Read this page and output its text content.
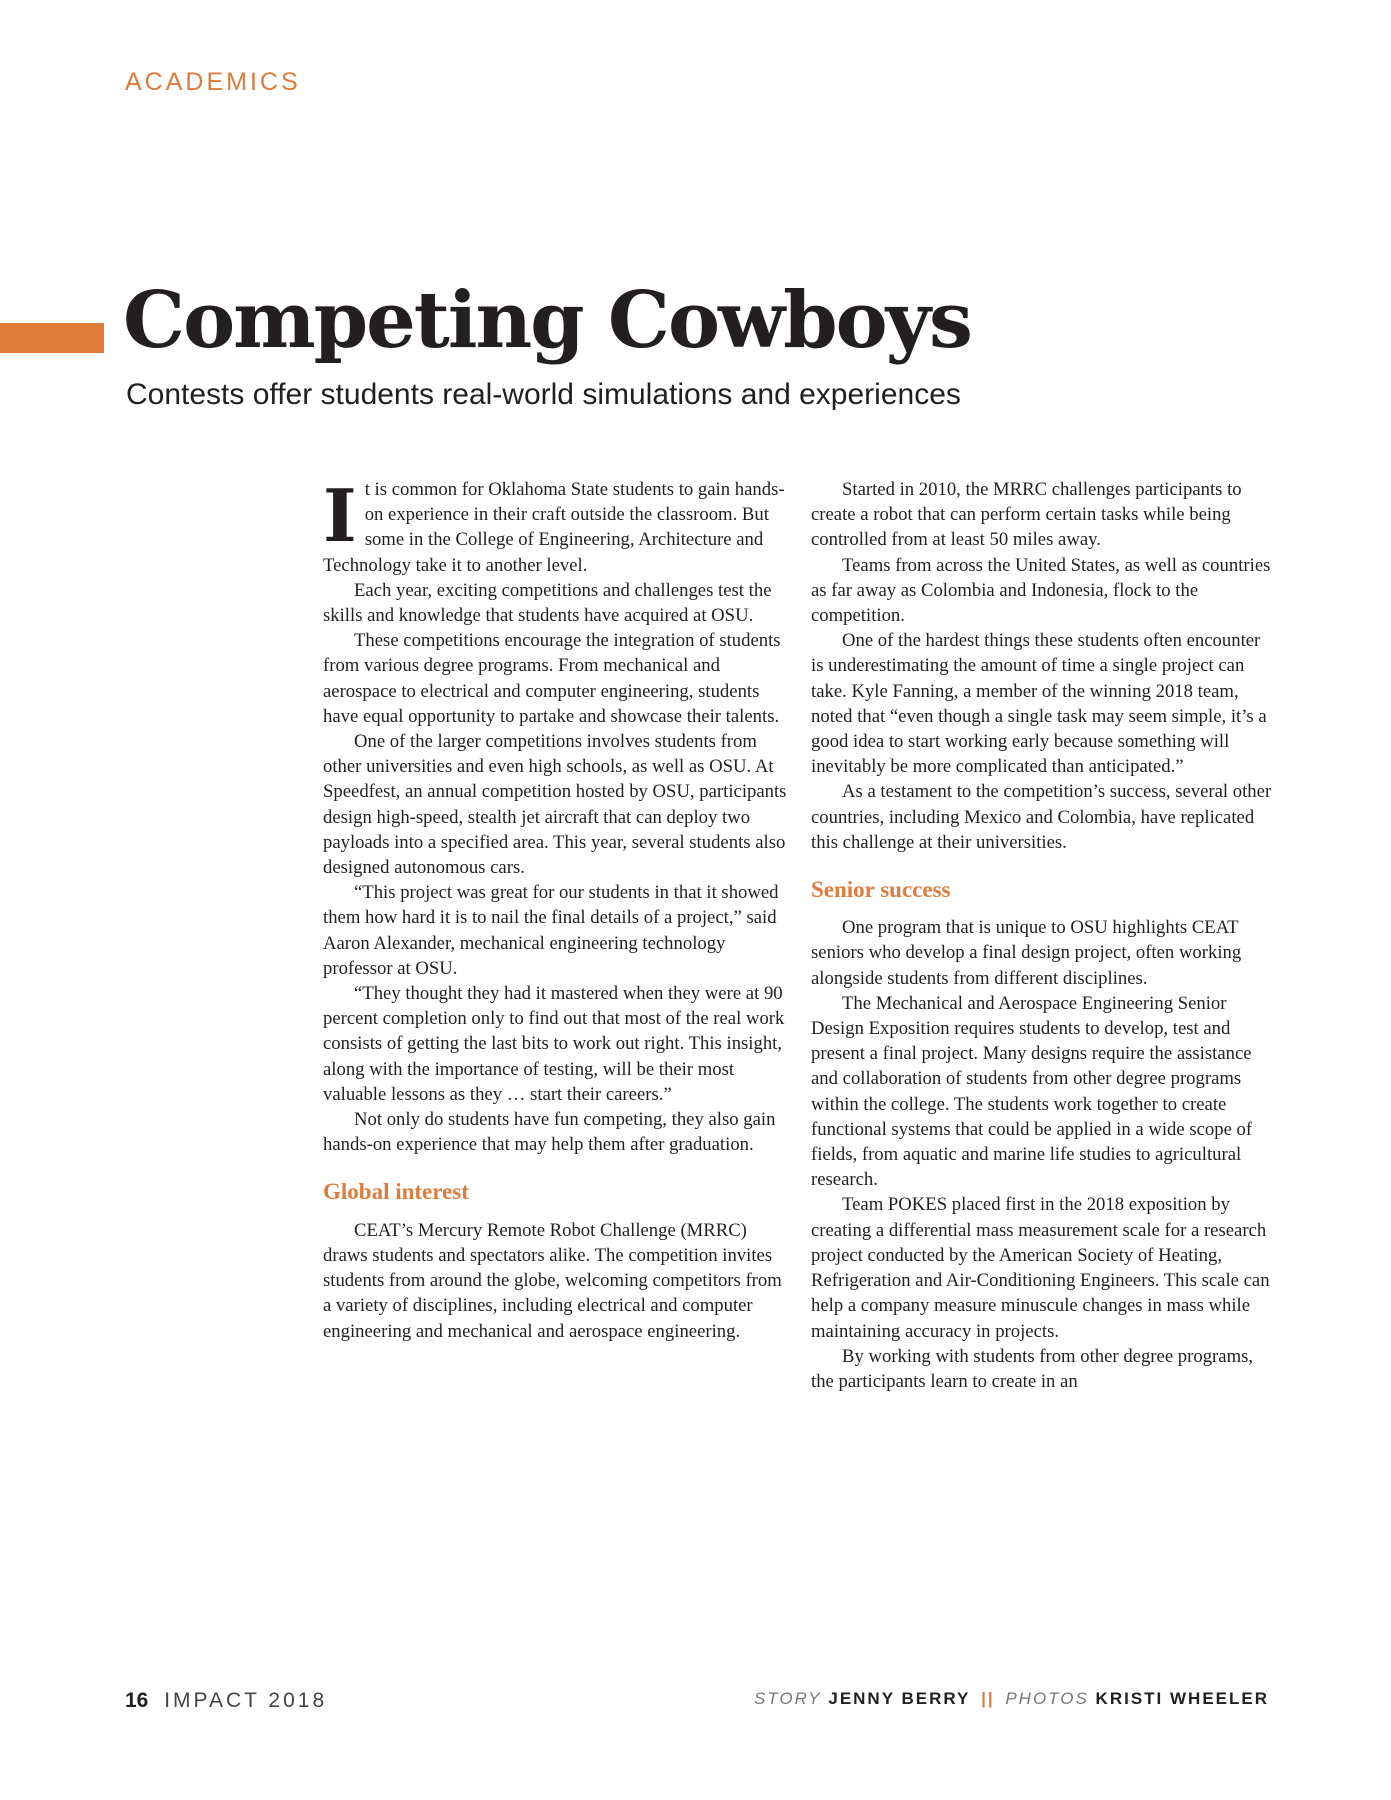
ACADEMICS
Competing Cowboys

Contests offer students real-world simulations and experiences

It is common for Oklahoma State students to gain hands-on experience in their craft outside the classroom. But some in the College of Engineering, Architecture and Technology take it to another level.

Each year, exciting competitions and challenges test the skills and knowledge that students have acquired at OSU.

These competitions encourage the integration of students from various degree programs. From mechanical and aerospace to electrical and computer engineering, students have equal opportunity to partake and showcase their talents.

One of the larger competitions involves students from other universities and even high schools, as well as OSU. At Speedfest, an annual competition hosted by OSU, participants design high-speed, stealth jet aircraft that can deploy two payloads into a specified area. This year, several students also designed autonomous cars.

“This project was great for our students in that it showed them how hard it is to nail the final details of a project,” said Aaron Alexander, mechanical engineering technology professor at OSU.

“They thought they had it mastered when they were at 90 percent completion only to find out that most of the real work consists of getting the last bits to work out right. This insight, along with the importance of testing, will be their most valuable lessons as they … start their careers.”

Not only do students have fun competing, they also gain hands-on experience that may help them after graduation.

Global interest

CEAT’s Mercury Remote Robot Challenge (MRRC) draws students and spectators alike. The competition invites students from around the globe, welcoming competitors from a variety of disciplines, including electrical and computer engineering and mechanical and aerospace engineering.

Started in 2010, the MRRC challenges participants to create a robot that can perform certain tasks while being controlled from at least 50 miles away.

Teams from across the United States, as well as countries as far away as Colombia and Indonesia, flock to the competition.

One of the hardest things these students often encounter is underestimating the amount of time a single project can take. Kyle Fanning, a member of the winning 2018 team, noted that “even though a single task may seem simple, it’s a good idea to start working early because something will inevitably be more complicated than anticipated.”

As a testament to the competition’s success, several other countries, including Mexico and Colombia, have replicated this challenge at their universities.

Senior success

One program that is unique to OSU highlights CEAT seniors who develop a final design project, often working alongside students from different disciplines.

The Mechanical and Aerospace Engineering Senior Design Exposition requires students to develop, test and present a final project. Many designs require the assistance and collaboration of students from other degree programs within the college. The students work together to create functional systems that could be applied in a wide scope of fields, from aquatic and marine life studies to agricultural research.

Team POKES placed first in the 2018 exposition by creating a differential mass measurement scale for a research project conducted by the American Society of Heating, Refrigeration and Air-Conditioning Engineers. This scale can help a company measure minuscule changes in mass while maintaining accuracy in projects.

By working with students from other degree programs, the participants learn to create in an

16 IMPACT 2018	STORY JENNY BERRY || PHOTOS KRISTI WHEELER
